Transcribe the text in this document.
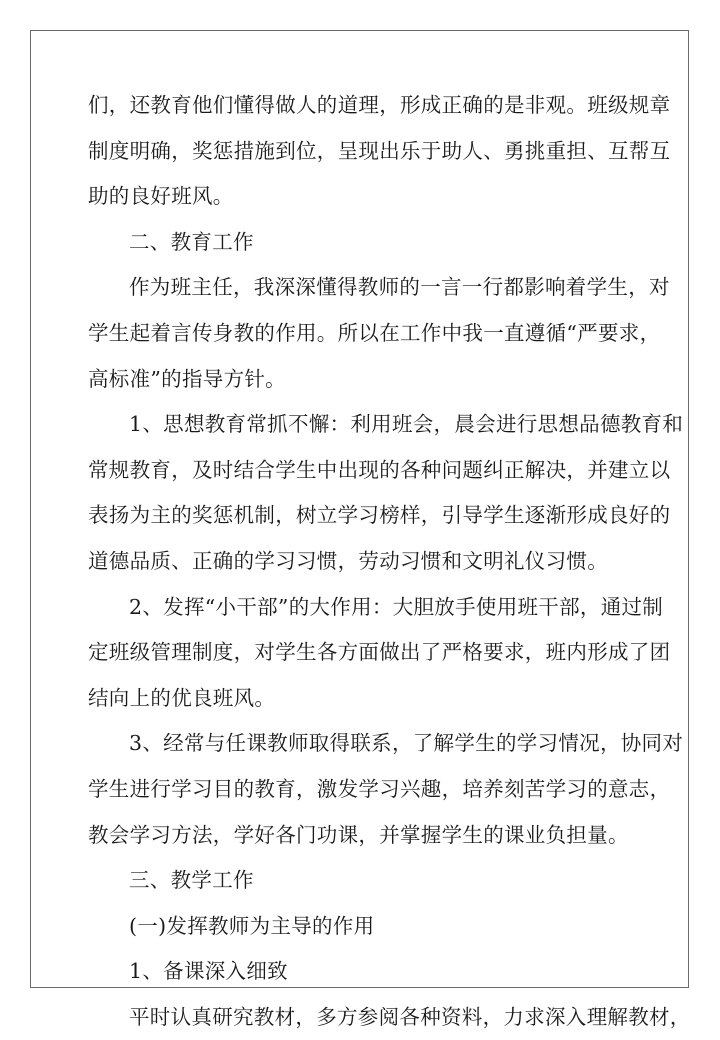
们，还教育他们懂得做人的道理，形成正确的是非观。班级规章
制度明确，奖惩措施到位，呈现出乐于助人、勇挑重担、互帮互
助的良好班风。
二、教育工作
作为班主任，我深深懂得教师的一言一行都影响着学生，对
学生起着言传身教的作用。所以在工作中我一直遵循“严要求，
高标准”的指导方针。
1、思想教育常抓不懈：利用班会，晨会进行思想品德教育和
常规教育，及时结合学生中出现的各种问题纠正解决，并建立以
表扬为主的奖惩机制，树立学习榜样，引导学生逐渐形成良好的
道德品质、正确的学习习惯，劳动习惯和文明礼仪习惯。
2、发挥“小干部”的大作用：大胆放手使用班干部，通过制
定班级管理制度，对学生各方面做出了严格要求，班内形成了团
结向上的优良班风。
3、经常与任课教师取得联系，了解学生的学习情况，协同对
学生进行学习目的教育，激发学习兴趣，培养刻苦学习的意志，
教会学习方法，学好各门功课，并掌握学生的课业负担量。
三、教学工作
(一)发挥教师为主导的作用
1、备课深入细致
平时认真研究教材，多方参阅各种资料，力求深入理解教材，
